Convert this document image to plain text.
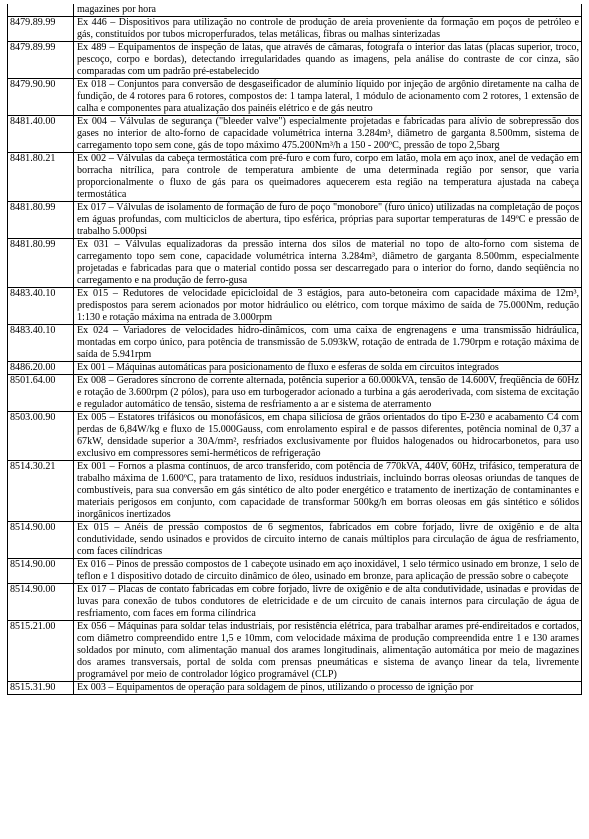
	magazines por hora
8479.89.99	Ex 446 – Dispositivos para utilização no controle de produção de areia proveniente da formação em poços de petróleo e gás, constituídos por tubos microperfurados, telas metálicas, fibras ou malhas sinterizadas
8479.89.99	Ex 489 – Equipamentos de inspeção de latas, que através de câmaras, fotografa o interior das latas (placas superior, troco, pescoço, corpo e bordas), detectando irregularidades quando as imagens, pela análise do contraste de cor cinza, são comparadas com um padrão pré-estabelecido
8479.90.90	Ex 018 – Conjuntos para conversão de desgaseificador de alumínio líquido por injeção de argônio diretamente na calha de fundição, de 4 rotores para 6 rotores, compostos de: 1 tampa lateral, 1 módulo de acionamento com 2 rotores, 1 extensão de calha e componentes para atualização dos painéis elétrico e de gás neutro
8481.40.00	Ex 004 – Válvulas de segurança ("bleeder valve") especialmente projetadas e fabricadas para alívio de sobrepressão dos gases no interior de alto-forno de capacidade volumétrica interna 3.284m³, diâmetro de garganta 8.500mm, sistema de carregamento topo sem cone, gás de topo máximo 475.200Nm³/h a 150 - 200ºC, pressão de topo 2,5barg
8481.80.21	Ex 002 – Válvulas da cabeça termostática com pré-furo e com furo, corpo em latão, mola em aço inox, anel de vedação em borracha nitrílica, para controle de temperatura ambiente de uma determinada região por sensor, que varia proporcionalmente o fluxo de gás para os queimadores aquecerem esta região na temperatura ajustada na cabeça termostática
8481.80.99	Ex 017 – Válvulas de isolamento de formação de furo de poço "monobore" (furo único) utilizadas na completação de poços em águas profundas, com multiciclos de abertura, tipo esférica, próprias para suportar temperaturas de 149ºC e pressão de trabalho 5.000psi
8481.80.99	Ex 031 – Válvulas equalizadoras da pressão interna dos silos de material no topo de alto-forno com sistema de carregamento topo sem cone, capacidade volumétrica interna 3.284m³, diâmetro de garganta 8.500mm, especialmente projetadas e fabricadas para que o material contido possa ser descarregado para o interior do forno, dando seqüência no carregamento e na produção de ferro-gusa
8483.40.10	Ex 015 – Redutores de velocidade epicicloidal de 3 estágios, para auto-betoneira com capacidade máxima de 12m³, predispostos para serem acionados por motor hidráulico ou elétrico, com torque máximo de saída de 75.000Nm, redução 1:130 e rotação máxima na entrada de 3.000rpm
8483.40.10	Ex 024 – Variadores de velocidades hidro-dinâmicos, com uma caixa de engrenagens e uma transmissão hidráulica, montadas em corpo único, para potência de transmissão de 5.093kW, rotação de entrada de 1.790rpm e rotação máxima de saída de 5.941rpm
8486.20.00	Ex 001 – Máquinas automáticas para posicionamento de fluxo e esferas de solda em circuitos integrados
8501.64.00	Ex 008 – Geradores síncrono de corrente alternada, potência superior a 60.000kVA, tensão de 14.600V, freqüência de 60Hz e rotação de 3.600rpm (2 pólos), para uso em turbogerador acionado a turbina a gás aeroderivada, com sistema de excitação e regulador automático de tensão, sistema de resfriamento a ar e sistema de aterramento
8503.00.90	Ex 005 – Estatores trifásicos ou monofásicos, em chapa silicíosa de grãos orientados do tipo E-230 e acabamento C4 com perdas de 6,84W/kg e fluxo de 15.000Gauss, com enrolamento espiral e de passos diferentes, potência nominal de 0,37 a 67kW, densidade superior a 30A/mm², resfriados exclusivamente por fluidos halogenados ou hidrocarbonetos, para uso exclusivo em compressores semi-herméticos de refrigeração
8514.30.21	Ex 001 – Fornos a plasma contínuos, de arco transferido, com potência de 770kVA, 440V, 60Hz, trifásico, temperatura de trabalho máxima de 1.600ºC, para tratamento de lixo, resíduos industriais, incluindo borras oleosas oriundas de tanques de combustíveis, para sua conversão em gás sintético de alto poder energético e tratamento de inertização de contaminantes e materiais perigosos em conjunto, com capacidade de transformar 500kg/h em borras oleosas em gás sintético e sólidos inorgânicos inertizados
8514.90.00	Ex 015 – Anéis de pressão compostos de 6 segmentos, fabricados em cobre forjado, livre de oxigênio e de alta condutividade, sendo usinados e providos de circuito interno de canais múltiplos para circulação de água de resfriamento, com faces cilíndricas
8514.90.00	Ex 016 – Pinos de pressão compostos de 1 cabeçote usinado em aço inoxidável, 1 selo térmico usinado em bronze, 1 selo de teflon e 1 dispositivo dotado de circuito dinâmico de óleo, usinado em bronze, para aplicação de pressão sobre o cabeçote
8514.90.00	Ex 017 – Placas de contato fabricadas em cobre forjado, livre de oxigênio e de alta condutividade, usinadas e providas de luvas para conexão de tubos condutores de eletricidade e de um circuito de canais internos para circulação de água de resfriamento, com faces em forma cilíndrica
8515.21.00	Ex 056 – Máquinas para soldar telas industriais, por resistência elétrica, para trabalhar arames pré-endireitados e cortados, com diâmetro compreendido entre 1,5 e 10mm, com velocidade máxima de produção compreendida entre 1 e 130 arames soldados por minuto, com alimentação manual dos arames longitudinais, alimentação automática por meio de magazines dos arames transversais, portal de solda com prensas pneumáticas e sistema de avanço linear da tela, livremente programável por meio de controlador lógico programável (CLP)
8515.31.90	Ex 003 – Equipamentos de operação para soldagem de pinos, utilizando o processo de ignição por
